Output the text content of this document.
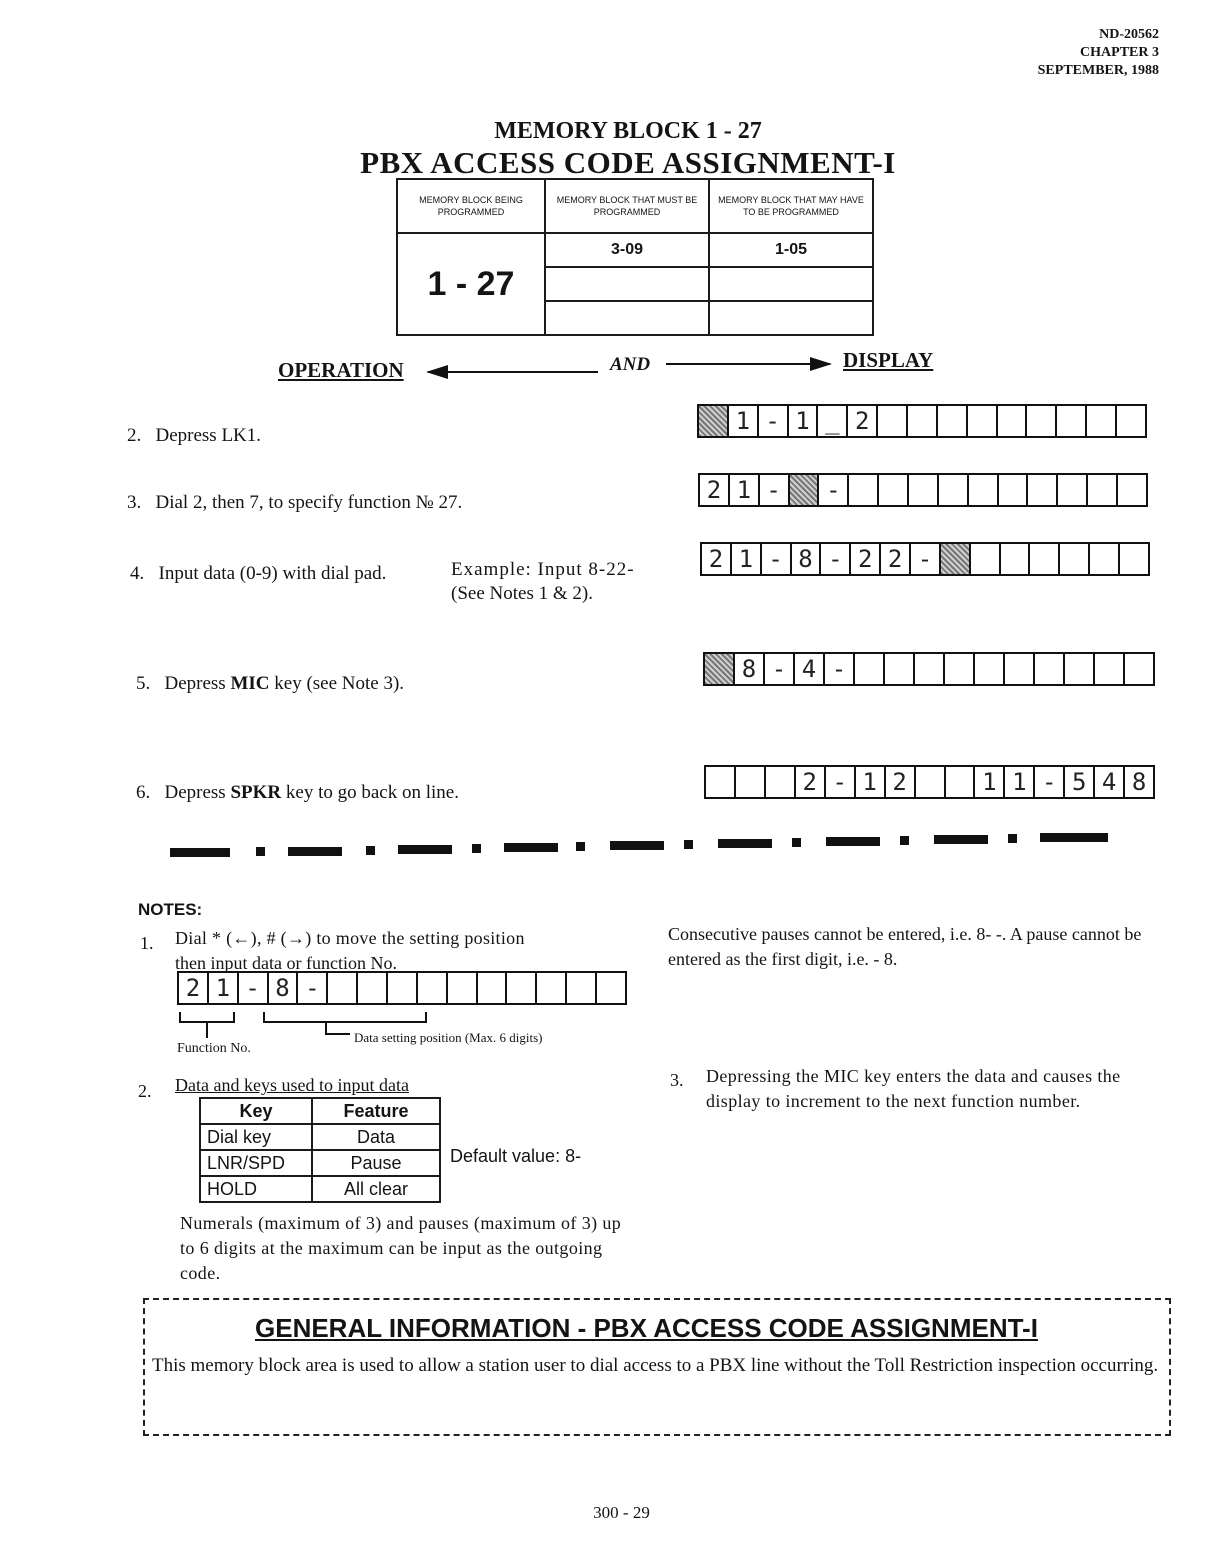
ND-20562
CHAPTER 3
SEPTEMBER, 1988
MEMORY BLOCK 1 - 27
PBX ACCESS CODE ASSIGNMENT-I
MEMORY BLOCK BEING PROGRAMMED	MEMORY BLOCK THAT MUST BE PROGRAMMED	MEMORY BLOCK THAT MAY HAVE TO BE PROGRAMMED
1 - 27	3-09	1-05

OPERATION	AND	DISPLAY
2. Depress LK1.
1 - 1 _ 2
3. Dial 2, then 7, to specify function № 27.	2 1 -	-
4. Input data (0-9) with dial pad.	Example: Input 8-22-
(See Notes 1 & 2).
2 1 - 8 - 2 2 -
5. Depress MIC key (see Note 3).
8 - 4 -
6. Depress SPKR key to go back on line.	2 - 1 2	1 1 - 5 4 8
NOTES:
1. Dial * (←), # (→) to move the setting position
then input data or function No.
2 1 - 8 -
Function No.
Data setting position (Max. 6 digits)
Consecutive pauses cannot be entered, i.e. 8- -. A pause cannot be entered as the first digit, i.e. - 8.
2. Data and keys used to input data
Key	Feature
Dial key	Data
LNR/SPD	Pause
HOLD	All clear
Default value: 8-
Numerals (maximum of 3) and pauses (maximum of 3) up to 6 digits at the maximum can be input as the outgoing code.
3. Depressing the MIC key enters the data and causes the display to increment to the next function number.
GENERAL INFORMATION - PBX ACCESS CODE ASSIGNMENT-I
This memory block area is used to allow a station user to dial access to a PBX line without the Toll Restriction inspection occurring.
300 - 29
